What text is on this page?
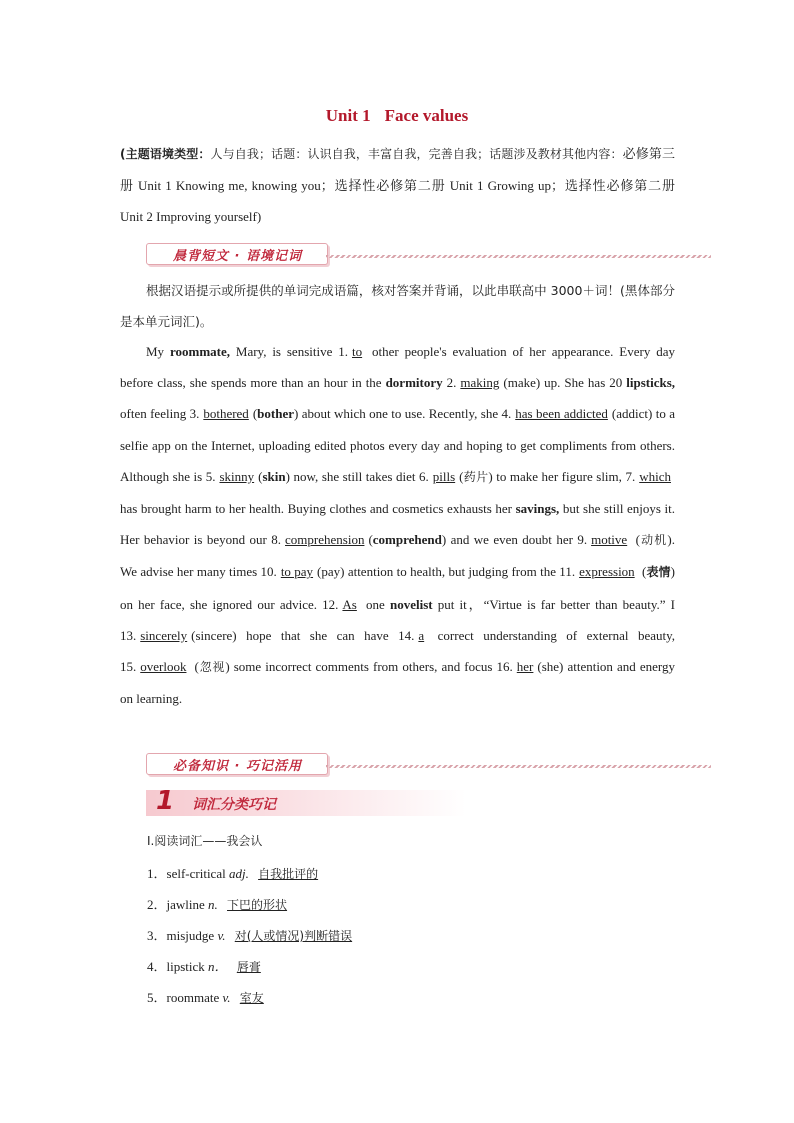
Unit 1 Face values
(主题语境类型：人与自我；话题：认识自我，丰富自我，完善自我；话题涉及教材其他内容：必修第三册 Unit 1 Knowing me, knowing you；选择性必修第二册 Unit 1 Growing up；选择性必修第二册 Unit 2 Improving yourself)
晨背短文 · 语境记词
根据汉语提示或所提供的单词完成语篇，核对答案并背诵，以此串联高中 3000＋词！(黑体部分是本单元词汇)。
My roommate, Mary, is sensitive 1. to other people's evaluation of her appearance. Every day before class, she spends more than an hour in the dormitory 2. making (make) up. She has 20 lipsticks, often feeling 3. bothered (bother) about which one to use. Recently, she 4. has been addicted (addict) to a selfie app on the Internet, uploading edited photos every day and hoping to get compliments from others. Although she is 5. skinny (skin) now, she still takes diet 6. pills (药片) to make her figure slim, 7. which has brought harm to her health. Buying clothes and cosmetics exhausts her savings, but she still enjoys it. Her behavior is beyond our 8. comprehension (comprehend) and we even doubt her 9. motive (动机). We advise her many times 10. to pay (pay) attention to health, but judging from the 11. expression (表情) on her face, she ignored our advice. 12. As one novelist put it，“Virtue is far better than beauty.” I 13. sincerely (sincere) hope that she can have 14. a correct understanding of external beauty, 15. overlook (忽视) some incorrect comments from others, and focus 16. her (she) attention and energy on learning.
必备知识 · 巧记活用
1 词汇分类巧记
Ⅰ.阅读词汇——我会认
1．self-critical adj. 自我批评的
2．jawline n. 下巴的形状
3．misjudge v. 对(人或情况)判断错误
4．lipstick n． 唇膏
5．roommate v. 室友
